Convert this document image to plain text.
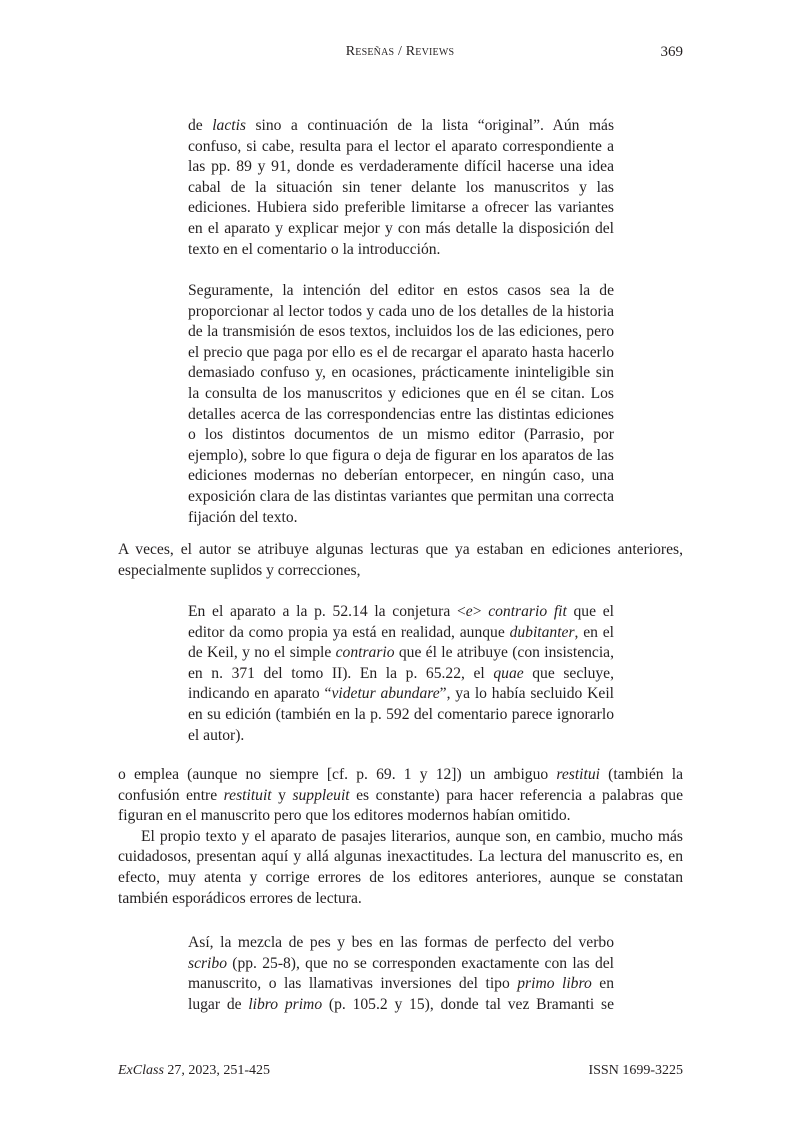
Reseñas / Reviews	369

de lactis sino a continuación de la lista “original”. Aún más confuso, si cabe, resulta para el lector el aparato correspondiente a las pp. 89 y 91, donde es verdaderamente difícil hacerse una idea cabal de la situación sin tener delante los manuscritos y las ediciones. Hubiera sido preferible limitarse a ofrecer las variantes en el aparato y explicar mejor y con más detalle la disposición del texto en el comentario o la introducción.

Seguramente, la intención del editor en estos casos sea la de proporcionar al lector todos y cada uno de los detalles de la historia de la transmisión de esos textos, incluidos los de las ediciones, pero el precio que paga por ello es el de recargar el aparato hasta hacerlo demasiado confuso y, en ocasiones, prácticamente ininteligible sin la consulta de los manuscritos y ediciones que en él se citan. Los detalles acerca de las correspondencias entre las distintas ediciones o los distintos documentos de un mismo editor (Parrasio, por ejemplo), sobre lo que figura o deja de figurar en los aparatos de las ediciones modernas no deberían entorpecer, en ningún caso, una exposición clara de las distintas variantes que permitan una correcta fijación del texto.

A veces, el autor se atribuye algunas lecturas que ya estaban en ediciones anteriores, especialmente suplidos y correcciones,

En el aparato a la p. 52.14 la conjetura <e> contrario fit que el editor da como propia ya está en realidad, aunque dubitanter, en el de Keil, y no el simple contrario que él le atribuye (con insistencia, en n. 371 del tomo II). En la p. 65.22, el quae que secluye, indicando en aparato “videtur abundare”, ya lo había secluido Keil en su edición (también en la p. 592 del comentario parece ignorarlo el autor).

o emplea (aunque no siempre [cf. p. 69. 1 y 12]) un ambiguo restitui (también la confusión entre restituit y suppleuit es constante) para hacer referencia a palabras que figuran en el manuscrito pero que los editores modernos habían omitido.

El propio texto y el aparato de pasajes literarios, aunque son, en cambio, mucho más cuidadosos, presentan aquí y allá algunas inexactitudes. La lectura del manuscrito es, en efecto, muy atenta y corrige errores de los editores anteriores, aunque se constatan también esporádicos errores de lectura.

Así, la mezcla de pes y bes en las formas de perfecto del verbo scribo (pp. 25-8), que no se corresponden exactamente con las del manuscrito, o las llamativas inversiones del tipo primo libro en lugar de libro primo (p. 105.2 y 15), donde tal vez Bramanti se

ExClass 27, 2023, 251-425	ISSN 1699-3225
